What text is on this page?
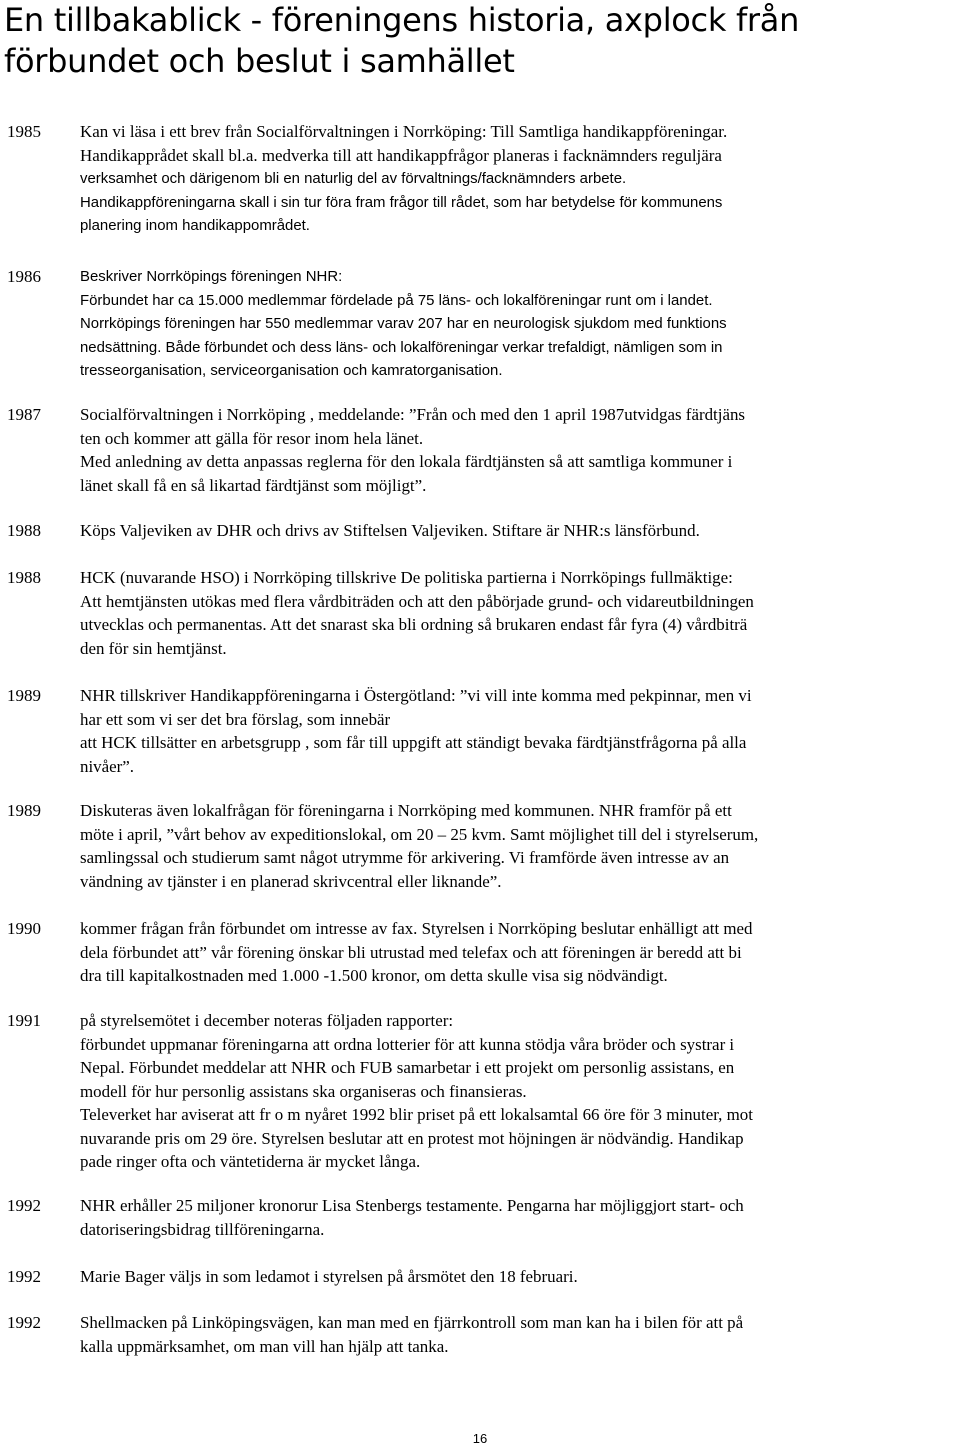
En tillbakablick - föreningens historia, axplock från
förbundet och beslut i samhället
1985 Kan vi läsa i ett brev från Socialförvaltningen i Norrköping: Till Samtliga handikappföreningar.
Handikapprådet skall bl.a. medverka till att handikappfrågor planeras i facknämnders reguljära
verksamhet och därigenom bli en naturlig del av förvaltnings/facknämnders arbete.
Handikappföreningarna skall i sin tur föra fram frågor till rådet, som har betydelse för kommunens
planering inom handikappområdet.
1986	Beskriver Norrköpings föreningen NHR:
Förbundet har ca 15.000 medlemmar fördelade på 75 läns- och lokalföreningar runt om i landet.
Norrköpings föreningen har 550 medlemmar varav 207 har en neurologisk sjukdom med funktions
nedsättning. Både förbundet och dess läns- och lokalföreningar verkar trefaldigt, nämligen som in
tresseorganisation, serviceorganisation och kamratorganisation.
1987 Socialförvaltningen i Norrköping , meddelande: ”Från och med den 1 april 1987utvidgas färdtjäns
ten och kommer att gälla för resor inom hela länet.
Med anledning av detta anpassas reglerna för den lokala färdtjänsten så att samtliga kommuner i
länet skall få en så likartad färdtjänst som möjligt”.
1988 Köps Valjeviken av DHR och drivs av Stiftelsen Valjeviken. Stiftare är NHR:s länsförbund.
1988 HCK (nuvarande HSO) i Norrköping tillskrive De politiska partierna i Norrköpings fullmäktige:
Att hemtjänsten utökas med flera vårdbiträden och att den påbörjade grund- och vidareutbildningen
utvecklas och permanentas. Att det snarast ska bli ordning så brukaren endast får fyra (4) vårdbiträ
den för sin hemtjänst.
1989 NHR tillskriver Handikappföreningarna i Östergötland: ”vi vill inte komma med pekpinnar, men vi
har ett som vi ser det bra förslag, som innebär
att HCK tillsätter en arbetsgrupp , som får till uppgift att ständigt bevaka färdtjänstfrågorna på alla
nivåer”.
1989 Diskuteras även lokalfrågan för föreningarna i Norrköping med kommunen. NHR framför på ett
möte i april, ”vårt behov av expeditionslokal, om 20 – 25 kvm. Samt möjlighet till del i styrelserum,
samlingssal och studierum samt något utrymme för arkivering. Vi framförde även intresse av an
vändning av tjänster i en planerad skrivcentral eller liknande”.
1990 kommer frågan från förbundet om intresse av fax. Styrelsen i Norrköping beslutar enhälligt att med
dela förbundet att” vår förening önskar bli utrustad med telefax och att föreningen är beredd att bi
dra till kapitalkostnaden med 1.000 -1.500 kronor, om detta skulle visa sig nödvändigt.
1991 på styrelsemötet i december noteras följaden rapporter:
förbundet uppmanar föreningarna att ordna lotterier för att kunna stödja våra bröder och systrar i
Nepal. Förbundet meddelar att NHR och FUB samarbetar i ett projekt om personlig assistans, en
modell för hur personlig assistans ska organiseras och finansieras.
Televerket har aviserat att fr o m nyåret 1992 blir priset på ett lokalsamtal 66 öre för 3 minuter, mot
nuvarande pris om 29 öre. Styrelsen beslutar att en protest mot höjningen är nödvändig. Handikap
pade ringer ofta och väntetiderna är mycket långa.
1992 NHR erhåller 25 miljoner kronorur Lisa Stenbergs testamente. Pengarna har möjliggjort start- och
datoriseringsbidrag tillföreningarna.
1992 Marie Bager väljs in som ledamot i styrelsen på årsmötet den 18 februari.
1992 Shellmacken på Linköpingsvägen, kan man med en fjärrkontroll som man kan ha i bilen för att på
kalla uppmärksamhet, om man vill han hjälp att tanka.
16
